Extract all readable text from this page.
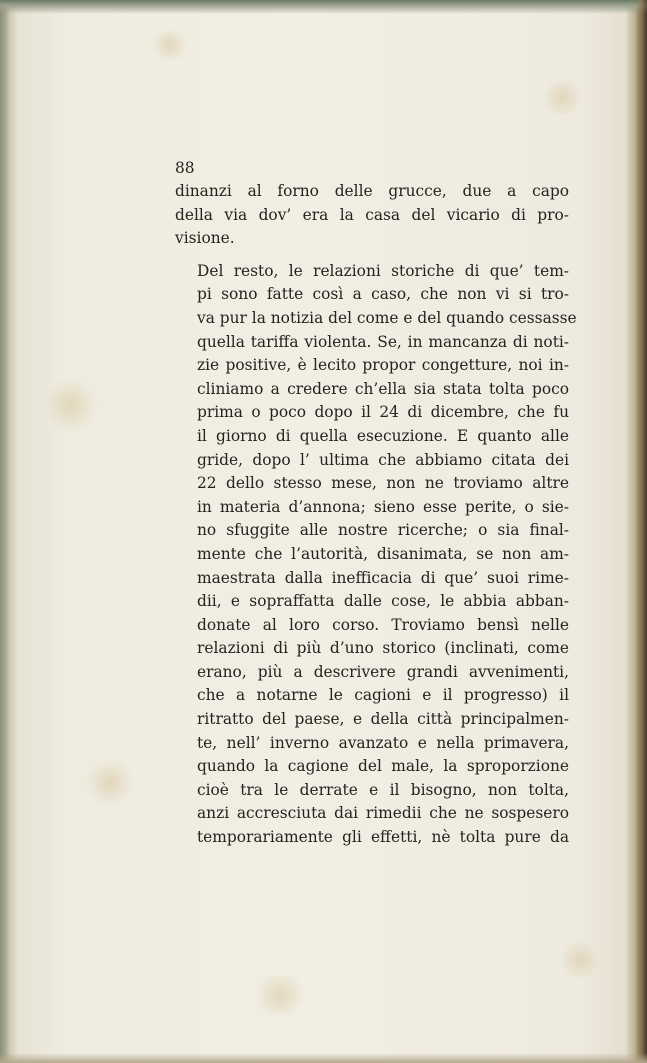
88

dinanzi al forno delle grucce, due a capo
della via dov’ era la casa del vicario di pro-
visione.

Del resto, le relazioni storiche di que’ tem-
pi sono fatte così a caso, che non vi si tro-
va pur la notizia del come e del quando cessasse
quella tariffa violenta. Se, in mancanza di noti-
zie positive, è lecito propor congetture, noi in-
cliniamo a credere ch’ella sia stata tolta poco
prima o poco dopo il 24 di dicembre, che fu
il giorno di quella esecuzione. E quanto alle
gride, dopo l’ ultima che abbiamo citata dei
22 dello stesso mese, non ne troviamo altre
in materia d’annona; sieno esse perite, o sie-
no sfuggite alle nostre ricerche; o sia final-
mente che l’autorità, disanimata, se non am-
maestrata dalla inefficacia di que’ suoi rime-
dii, e sopraffatta dalle cose, le abbia abban-
donate al loro corso. Troviamo bensì nelle
relazioni di più d’uno storico (inclinati, come
erano, più a descrivere grandi avvenimenti,
che a notarne le cagioni e il progresso) il
ritratto del paese, e della città principalmen-
te, nell’ inverno avanzato e nella primavera,
quando la cagione del male, la sproporzione
cioè tra le derrate e il bisogno, non tolta,
anzi accresciuta dai rimedii che ne sospesero
temporariamente gli effetti, nè tolta pure da
